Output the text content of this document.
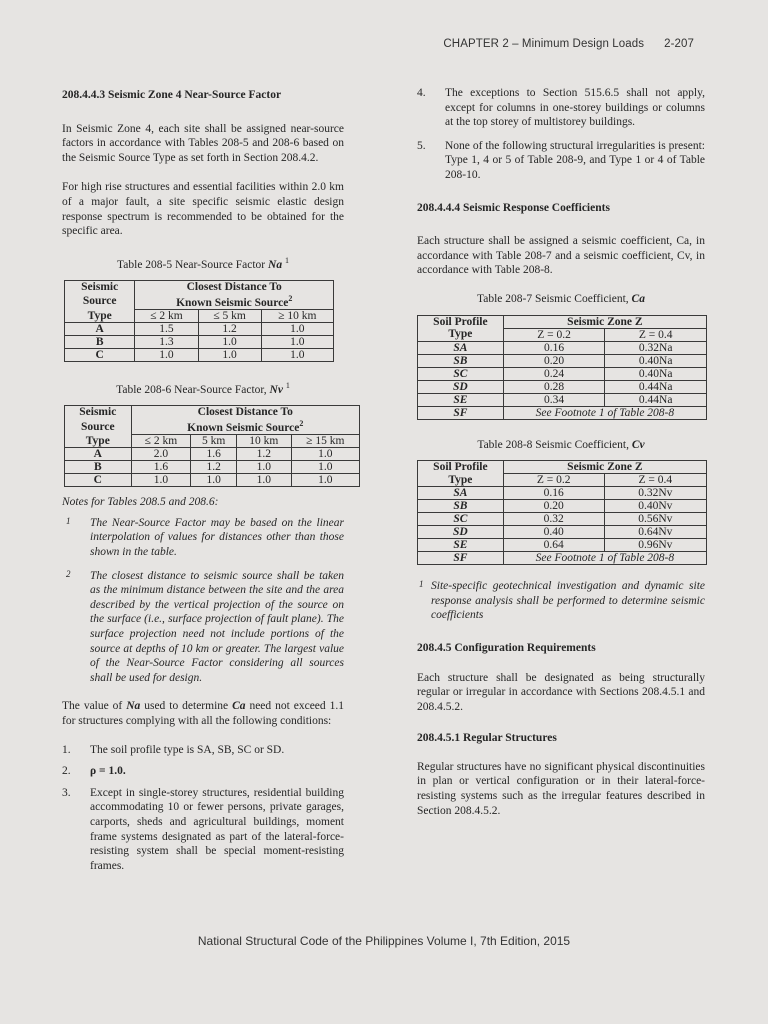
CHAPTER 2 – Minimum Design Loads 2-207

208.4.4.3 Seismic Zone 4 Near-Source Factor

In Seismic Zone 4, each site shall be assigned near-source factors in accordance with Tables 208-5 and 208-6 based on the Seismic Source Type as set forth in Section 208.4.2.

For high rise structures and essential facilities within 2.0 km of a major fault, a site specific seismic elastic design response spectrum is recommended to be obtained for the specific area.

Table 208-5 Near-Source Factor Na $^1$

Seismic	Closest Distance To		
Source	Known Seismic Source$^2$
Type	≤ 2 km	≤ 5 km	≥ 10 km
A	1.5	1.2	1.0
B	1.3	1.0	1.0
C	1.0	1.0	1.0

Table 208-6 Near-Source Factor, Nv $^1$

Seismic	Closest Distance To			
Source	Known Seismic Source$^2$
Type	≤ 2 km	5 km	10 km	≥ 15 km
A	2.0	1.6	1.2	1.0
B	1.6	1.2	1.0	1.0
C	1.0	1.0	1.0	1.0

Notes for Tables 208.5 and 208.6:

1 The Near-Source Factor may be based on the linear interpolation of values for distances other than those shown in the table.

2 The closest distance to seismic source shall be taken as the minimum distance between the site and the area described by the vertical projection of the source on the surface (i.e., surface projection of fault plane). The surface projection need not include portions of the source at depths of 10 km or greater. The largest value of the Near-Source Factor considering all sources shall be used for design.

The value of Na used to determine Ca need not exceed 1.1 for structures complying with all the following conditions:

1. The soil profile type is SA, SB, SC or SD.

2. ρ = 1.0.

3. Except in single-storey structures, residential building accommodating 10 or fewer persons, private garages, carports, sheds and agricultural buildings, moment frame systems designated as part of the lateral-force-resisting system shall be special moment-resisting frames.

4. The exceptions to Section 515.6.5 shall not apply, except for columns in one-storey buildings or columns at the top storey of multistorey buildings.

5. None of the following structural irregularities is present: Type 1, 4 or 5 of Table 208-9, and Type 1 or 4 of Table 208-10.

208.4.4.4 Seismic Response Coefficients

Each structure shall be assigned a seismic coefficient, Ca, in accordance with Table 208-7 and a seismic coefficient, Cv, in accordance with Table 208-8.

Table 208-7 Seismic Coefficient, Ca

Soil Profile	Seismic Zone Z	
Type	Z = 0.2	Z = 0.4
SA	0.16	0.32Na
SB	0.20	0.40Na
SC	0.24	0.40Na
SD	0.28	0.44Na
SE	0.34	0.44Na
SF	See Footnote 1 of Table 208-8	

Table 208-8 Seismic Coefficient, Cv

Soil Profile	Seismic Zone Z	
Type	Z = 0.2	Z = 0.4
SA	0.16	0.32Nv
SB	0.20	0.40Nv
SC	0.32	0.56Nv
SD	0.40	0.64Nv
SE	0.64	0.96Nv
SF	See Footnote 1 of Table 208-8	

1 Site-specific geotechnical investigation and dynamic site response analysis shall be performed to determine seismic coefficients

208.4.5 Configuration Requirements

Each structure shall be designated as being structurally regular or irregular in accordance with Sections 208.4.5.1 and 208.4.5.2.

208.4.5.1 Regular Structures

Regular structures have no significant physical discontinuities in plan or vertical configuration or in their lateral-force-resisting systems such as the irregular features described in Section 208.4.5.2.

National Structural Code of the Philippines Volume I, 7th Edition, 2015
